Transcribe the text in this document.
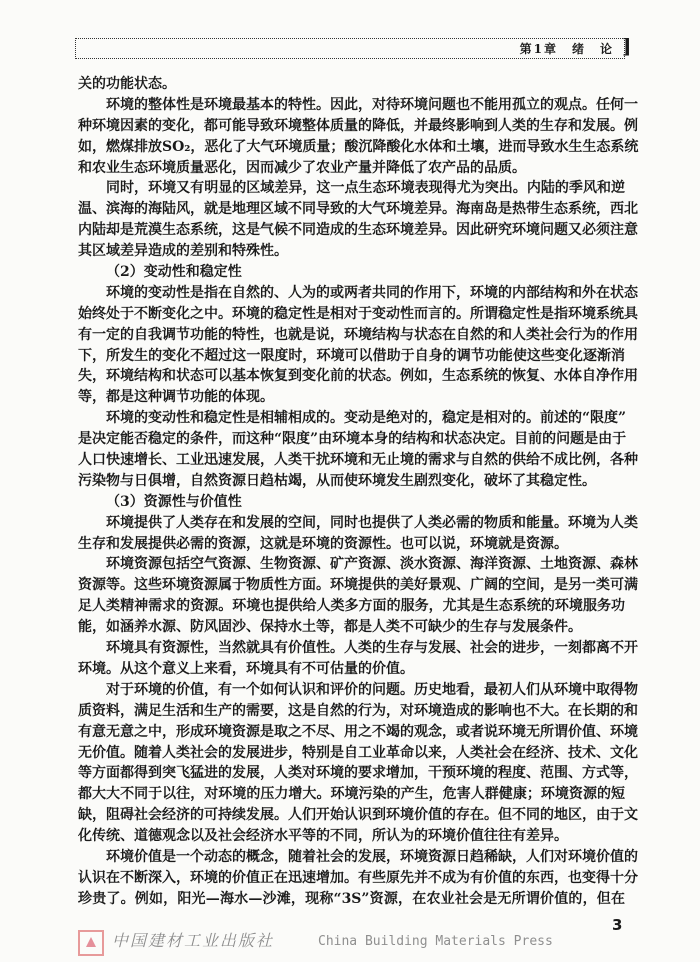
第1章　绪　论 ]
关的功能状态。
环境的整体性是环境最基本的特性。因此，对待环境问题也不能用孤立的观点。任何一
种环境因素的变化，都可能导致环境整体质量的降低，并最终影响到人类的生存和发展。例
如，燃煤排放SO₂，恶化了大气环境质量；酸沉降酸化水体和土壤，进而导致水生生态系统
和农业生态环境质量恶化，因而减少了农业产量并降低了农产品的品质。
同时，环境又有明显的区域差异，这一点生态环境表现得尤为突出。内陆的季风和逆
温、滨海的海陆风，就是地理区域不同导致的大气环境差异。海南岛是热带生态系统，西北
内陆却是荒漠生态系统，这是气候不同造成的生态环境差异。因此研究环境问题又必须注意
其区域差异造成的差别和特殊性。
（2）变动性和稳定性
环境的变动性是指在自然的、人为的或两者共同的作用下，环境的内部结构和外在状态
始终处于不断变化之中。环境的稳定性是相对于变动性而言的。所谓稳定性是指环境系统具
有一定的自我调节功能的特性，也就是说，环境结构与状态在自然的和人类社会行为的作用
下，所发生的变化不超过这一限度时，环境可以借助于自身的调节功能使这些变化逐渐消
失，环境结构和状态可以基本恢复到变化前的状态。例如，生态系统的恢复、水体自净作用
等，都是这种调节功能的体现。
环境的变动性和稳定性是相辅相成的。变动是绝对的，稳定是相对的。前述的“限度”
是决定能否稳定的条件，而这种“限度”由环境本身的结构和状态决定。目前的问题是由于
人口快速增长、工业迅速发展，人类干扰环境和无止境的需求与自然的供给不成比例，各种
污染物与日俱增，自然资源日趋枯竭，从而使环境发生剧烈变化，破坏了其稳定性。
（3）资源性与价值性
环境提供了人类存在和发展的空间，同时也提供了人类必需的物质和能量。环境为人类
生存和发展提供必需的资源，这就是环境的资源性。也可以说，环境就是资源。
环境资源包括空气资源、生物资源、矿产资源、淡水资源、海洋资源、土地资源、森林
资源等。这些环境资源属于物质性方面。环境提供的美好景观、广阔的空间，是另一类可满
足人类精神需求的资源。环境也提供给人类多方面的服务，尤其是生态系统的环境服务功
能，如涵养水源、防风固沙、保持水土等，都是人类不可缺少的生存与发展条件。
环境具有资源性，当然就具有价值性。人类的生存与发展、社会的进步，一刻都离不开
环境。从这个意义上来看，环境具有不可估量的价值。
对于环境的价值，有一个如何认识和评价的问题。历史地看，最初人们从环境中取得物
质资料，满足生活和生产的需要，这是自然的行为，对环境造成的影响也不大。在长期的和
有意无意之中，形成环境资源是取之不尽、用之不竭的观念，或者说环境无所谓价值、环境
无价值。随着人类社会的发展进步，特别是自工业革命以来，人类社会在经济、技术、文化
等方面都得到突飞猛进的发展，人类对环境的要求增加，干预环境的程度、范围、方式等，
都大大不同于以往，对环境的压力增大。环境污染的产生，危害人群健康；环境资源的短
缺，阻碍社会经济的可持续发展。人们开始认识到环境价值的存在。但不同的地区，由于文
化传统、道德观念以及社会经济水平等的不同，所认为的环境价值往往有差异。
环境价值是一个动态的概念，随着社会的发展，环境资源日趋稀缺，人们对环境价值的
认识在不断深入，环境的价值正在迅速增加。有些原先并不成为有价值的东西，也变得十分
珍贵了。例如，阳光—海水—沙滩，现称“3S”资源，在农业社会是无所谓价值的，但在
中国建材工业出版社	China Building Materials Press
3
